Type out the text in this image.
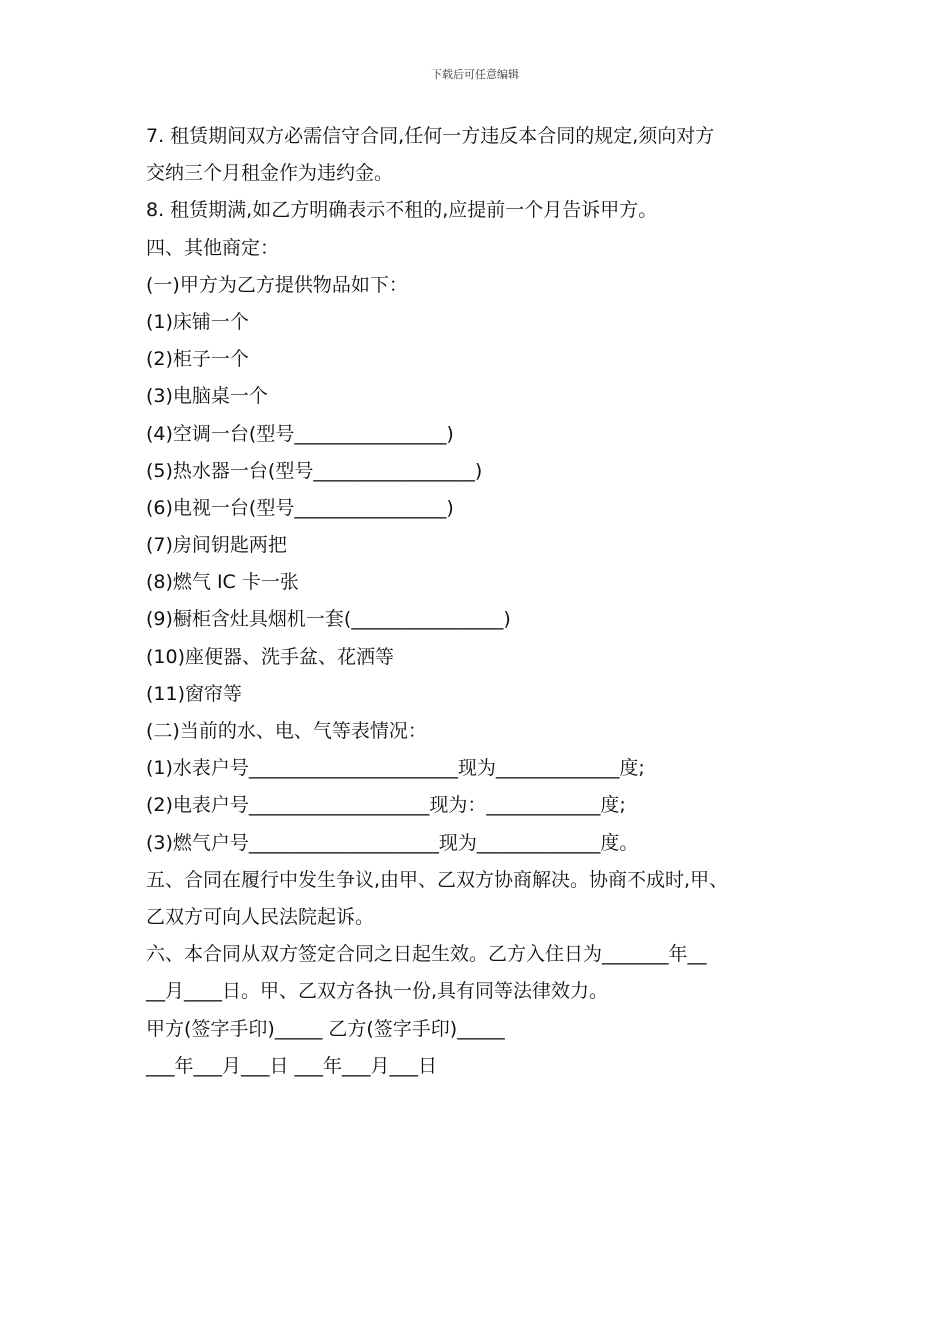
下载后可任意编辑

7. 租赁期间双方必需信守合同,任何一方违反本合同的规定,须向对方

交纳三个月租金作为违约金。

8. 租赁期满,如乙方明确表示不租的,应提前一个月告诉甲方。

四、其他商定：

(一)甲方为乙方提供物品如下：

(1)床铺一个

(2)柜子一个

(3)电脑桌一个

(4)空调一台(型号________________)

(5)热水器一台(型号_________________)

(6)电视一台(型号________________)

(7)房间钥匙两把

(8)燃气 IC 卡一张

(9)橱柜含灶具烟机一套(________________)

(10)座便器、洗手盆、花洒等

(11)窗帘等

(二)当前的水、电、气等表情况：

(1)水表户号______________________现为_____________度;

(2)电表户号___________________现为：____________度;

(3)燃气户号____________________现为_____________度。

五、合同在履行中发生争议,由甲、乙双方协商解决。协商不成时,甲、

乙双方可向人民法院起诉。

六、本合同从双方签定合同之日起生效。乙方入住日为_______年__

__月____日。甲、乙双方各执一份,具有同等法律效力。

甲方(签字手印)_____ 乙方(签字手印)_____

___年___月___日 ___年___月___日
